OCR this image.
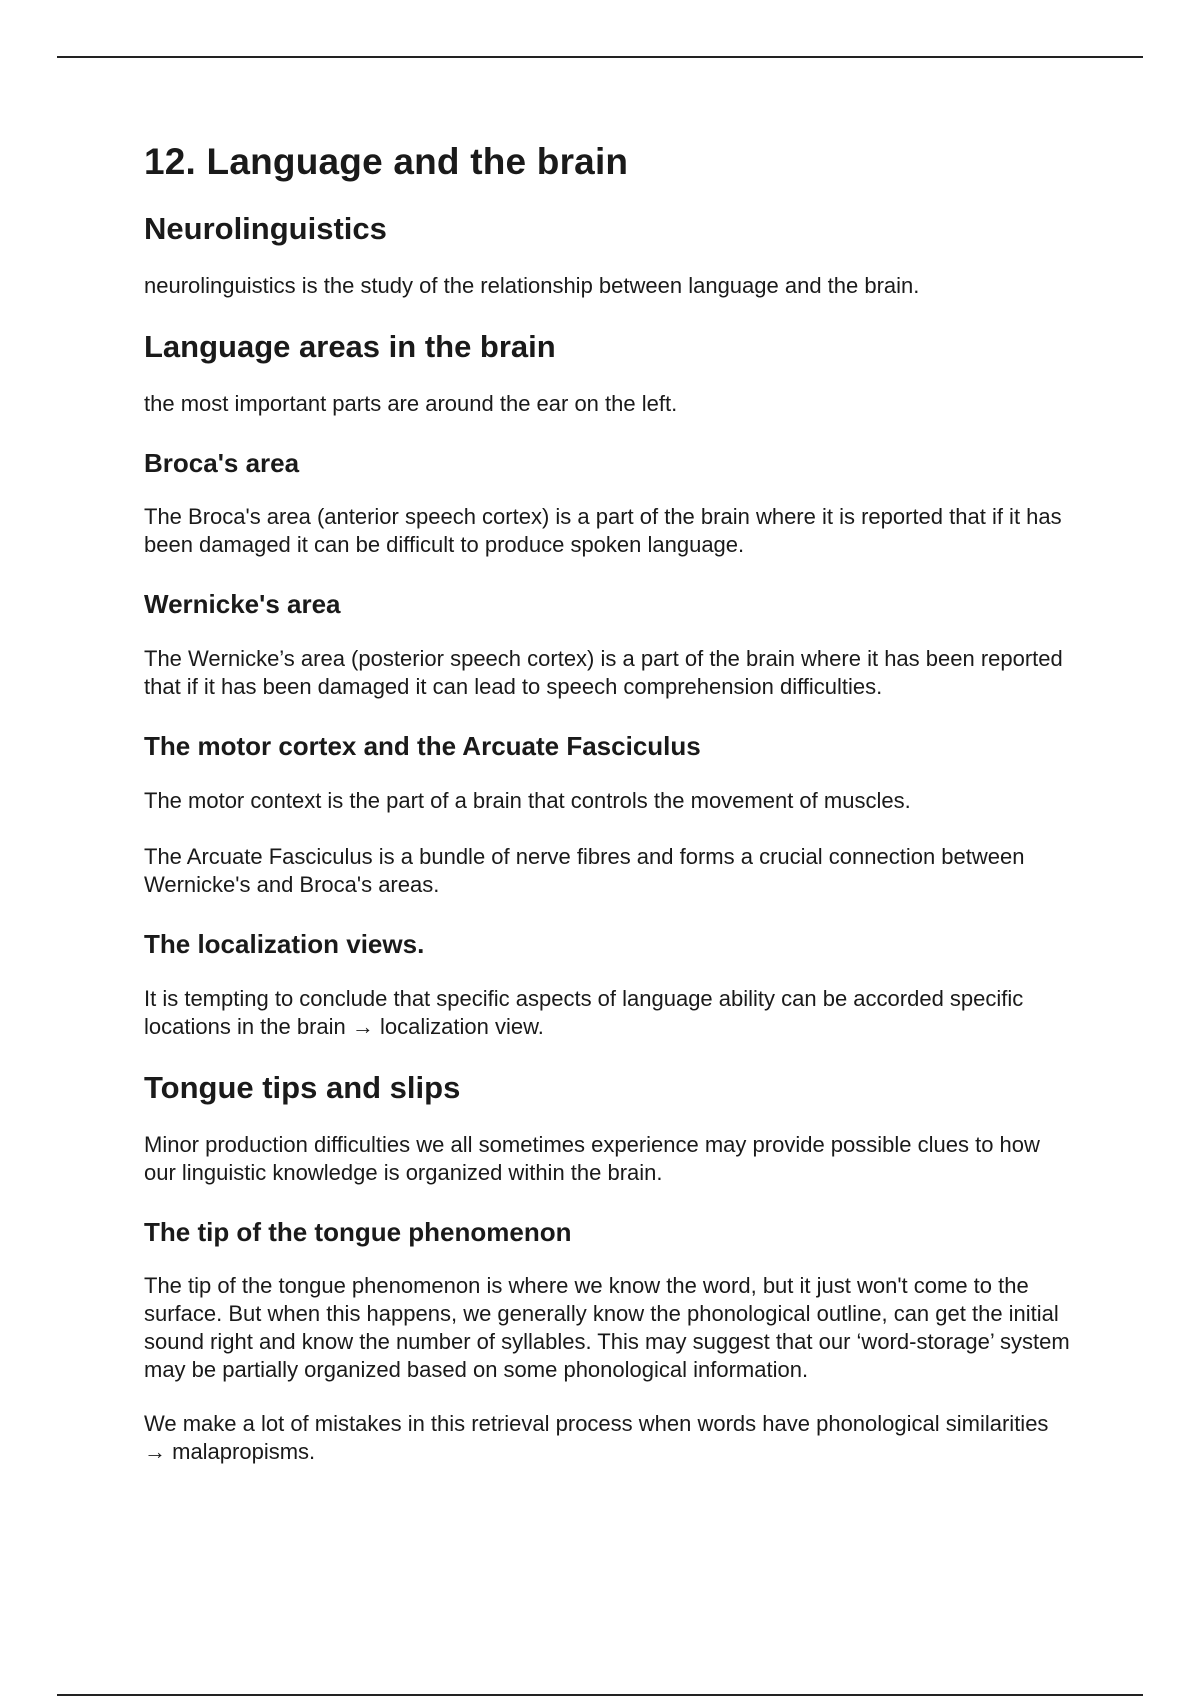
12. Language and the brain
Neurolinguistics
neurolinguistics is the study of the relationship between language and the brain.
Language areas in the brain
the most important parts are around the ear on the left.
Broca's area
The Broca's area (anterior speech cortex) is a part of the brain where it is reported that if it has been damaged it can be difficult to produce spoken language.
Wernicke's area
The Wernicke’s area (posterior speech cortex) is a part of the brain where it has been reported that if it has been damaged it can lead to speech comprehension difficulties.
The motor cortex and the Arcuate Fasciculus
The motor context is the part of a brain that controls the movement of muscles.
The Arcuate Fasciculus is a bundle of nerve fibres and forms a crucial connection between Wernicke's and Broca's areas.
The localization views.
It is tempting to conclude that specific aspects of language ability can be accorded specific locations in the brain → localization view.
Tongue tips and slips
Minor production difficulties we all sometimes experience may provide possible clues to how our linguistic knowledge is organized within the brain.
The tip of the tongue phenomenon
The tip of the tongue phenomenon is where we know the word, but it just won't come to the surface. But when this happens, we generally know the phonological outline, can get the initial sound right and know the number of syllables. This may suggest that our ‘word-storage’ system may be partially organized based on some phonological information.
We make a lot of mistakes in this retrieval process when words have phonological similarities → malapropisms.
